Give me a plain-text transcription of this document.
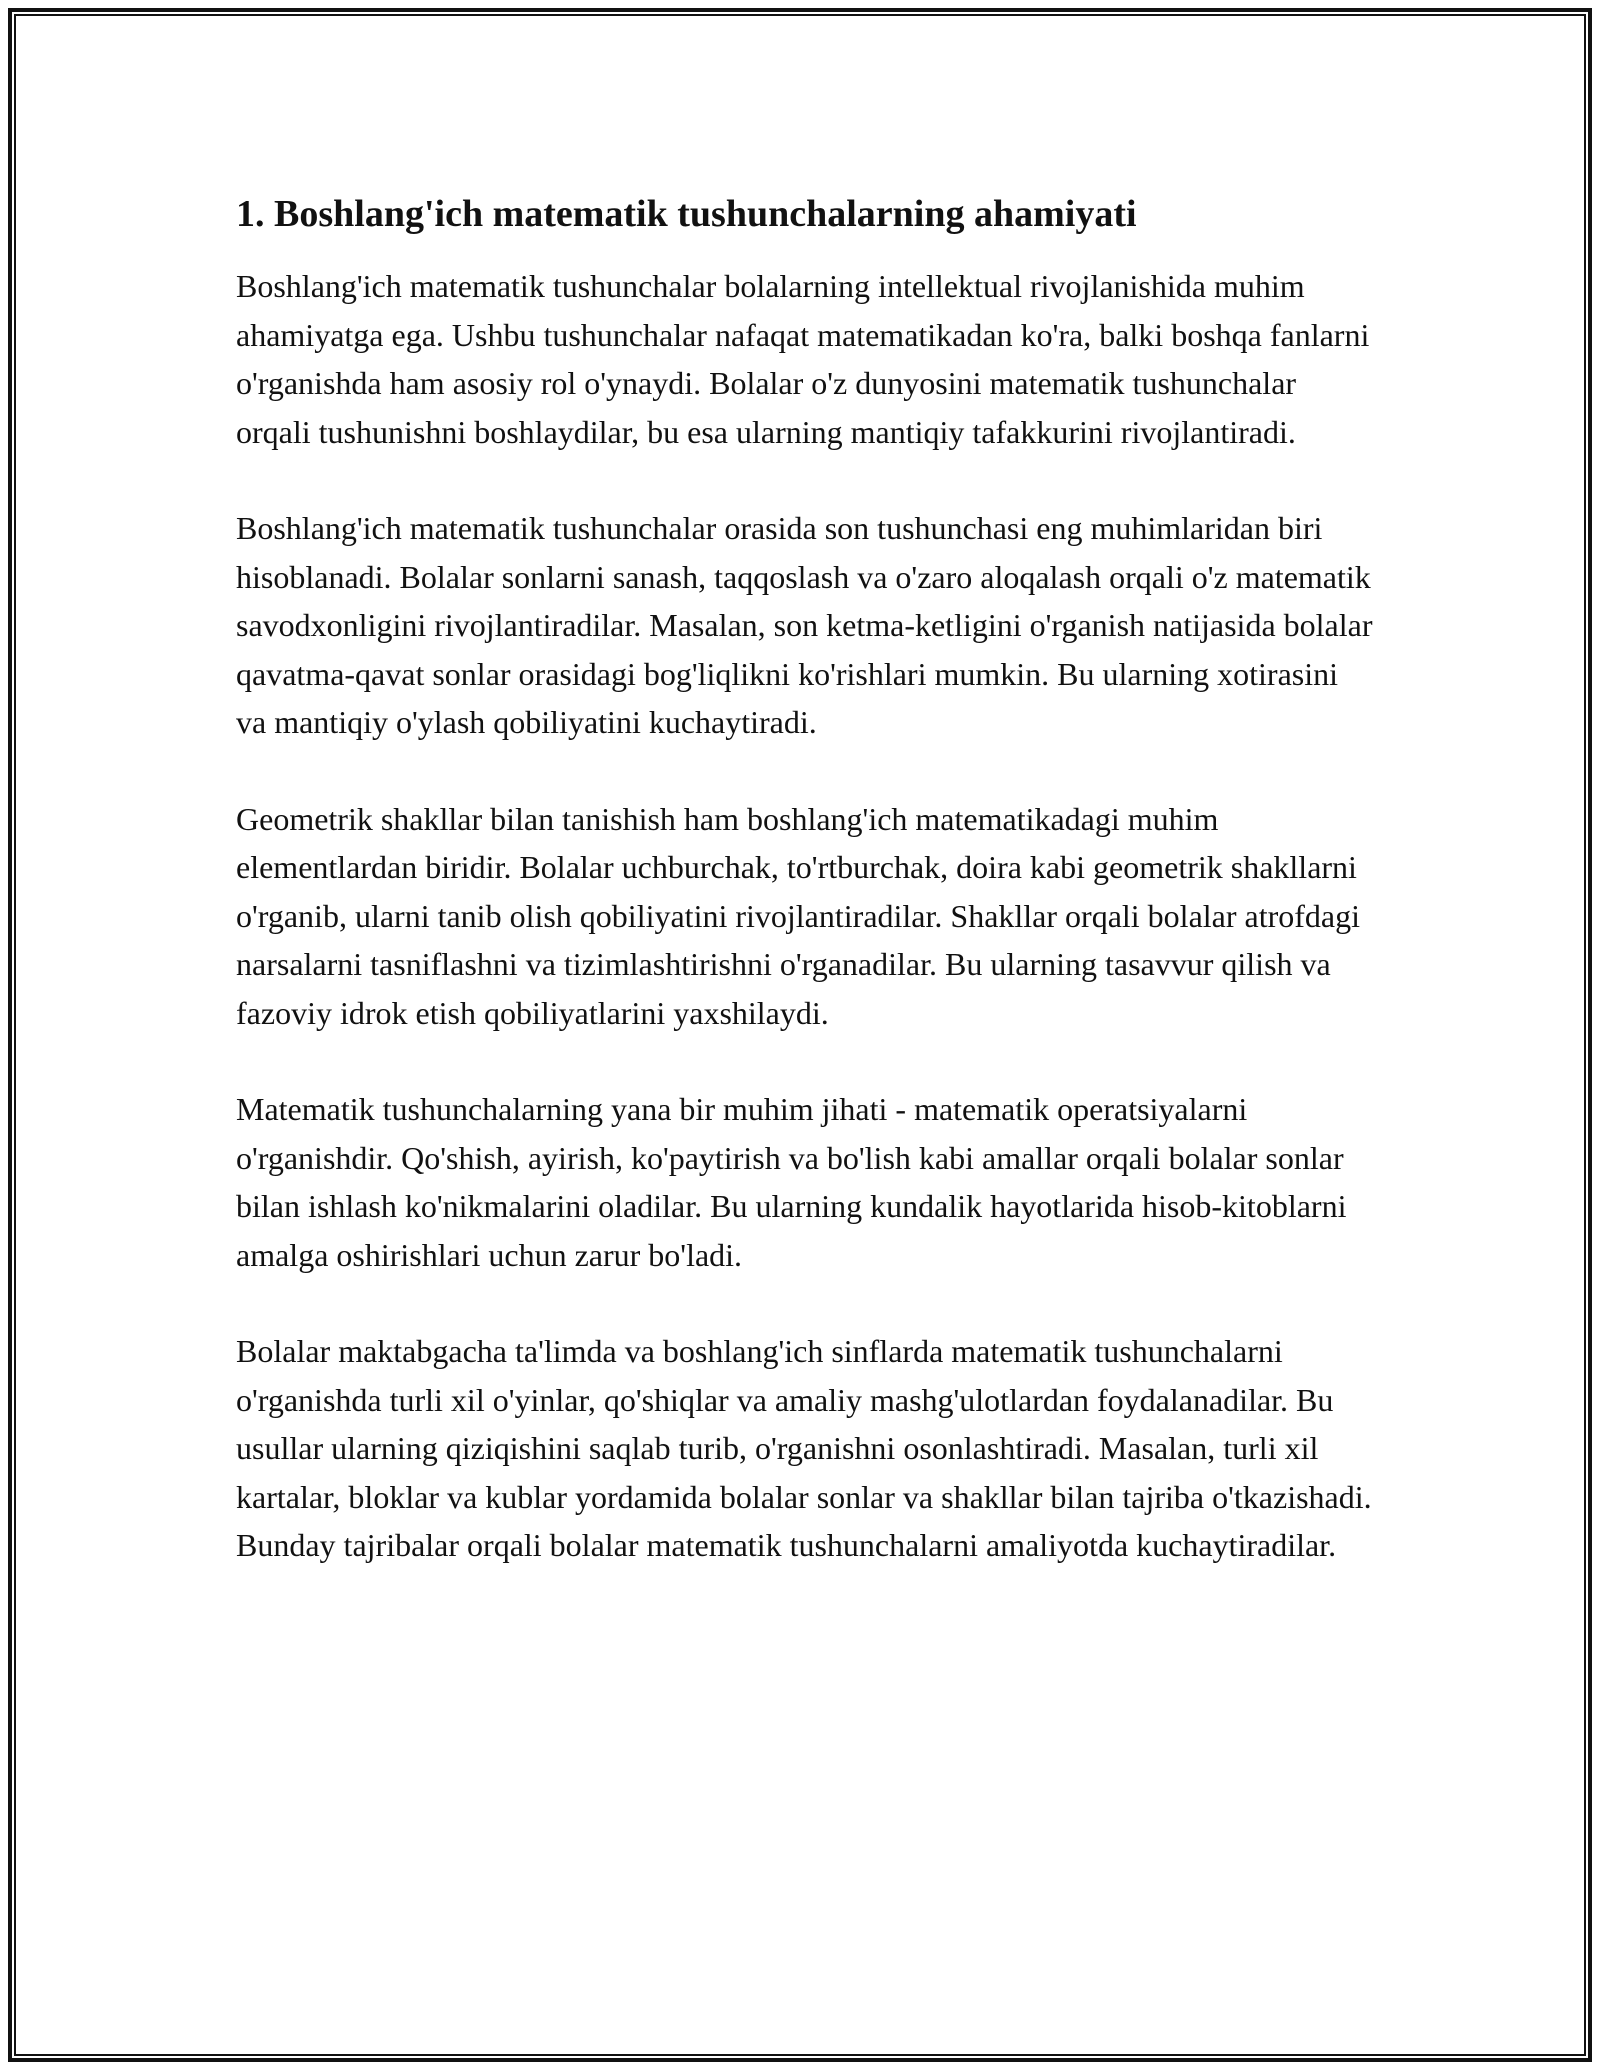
1. Boshlang'ich matematik tushunchalarning ahamiyati

Boshlang'ich matematik tushunchalar bolalarning intellektual rivojlanishida muhim ahamiyatga ega. Ushbu tushunchalar nafaqat matematikadan ko'ra, balki boshqa fanlarni o'rganishda ham asosiy rol o'ynaydi. Bolalar o'z dunyosini matematik tushunchalar orqali tushunishni boshlaydilar, bu esa ularning mantiqiy tafakkurini rivojlantiradi.

Boshlang'ich matematik tushunchalar orasida son tushunchasi eng muhimlaridan biri hisoblanadi. Bolalar sonlarni sanash, taqqoslash va o'zaro aloqalash orqali o'z matematik savodxonligini rivojlantiradilar. Masalan, son ketma-ketligini o'rganish natijasida bolalar qavatma-qavat sonlar orasidagi bog'liqlikni ko'rishlari mumkin. Bu ularning xotirasini va mantiqiy o'ylash qobiliyatini kuchaytiradi.

Geometrik shakllar bilan tanishish ham boshlang'ich matematikadagi muhim elementlardan biridir. Bolalar uchburchak, to'rtburchak, doira kabi geometrik shakllarni o'rganib, ularni tanib olish qobiliyatini rivojlantiradilar. Shakllar orqali bolalar atrofdagi narsalarni tasniflashni va tizimlashtirishni o'rganadilar. Bu ularning tasavvur qilish va fazoviy idrok etish qobiliyatlarini yaxshilaydi.

Matematik tushunchalarning yana bir muhim jihati - matematik operatsiyalarni o'rganishdir. Qo'shish, ayirish, ko'paytirish va bo'lish kabi amallar orqali bolalar sonlar bilan ishlash ko'nikmalarini oladilar. Bu ularning kundalik hayotlarida hisob-kitoblarni amalga oshirishlari uchun zarur bo'ladi.

Bolalar maktabgacha ta'limda va boshlang'ich sinflarda matematik tushunchalarni o'rganishda turli xil o'yinlar, qo'shiqlar va amaliy mashg'ulotlardan foydalanadilar. Bu usullar ularning qiziqishini saqlab turib, o'rganishni osonlashtiradi. Masalan, turli xil kartalar, bloklar va kublar yordamida bolalar sonlar va shakllar bilan tajriba o'tkazishadi. Bunday tajribalar orqali bolalar matematik tushunchalarni amaliyotda kuchaytiradilar.
